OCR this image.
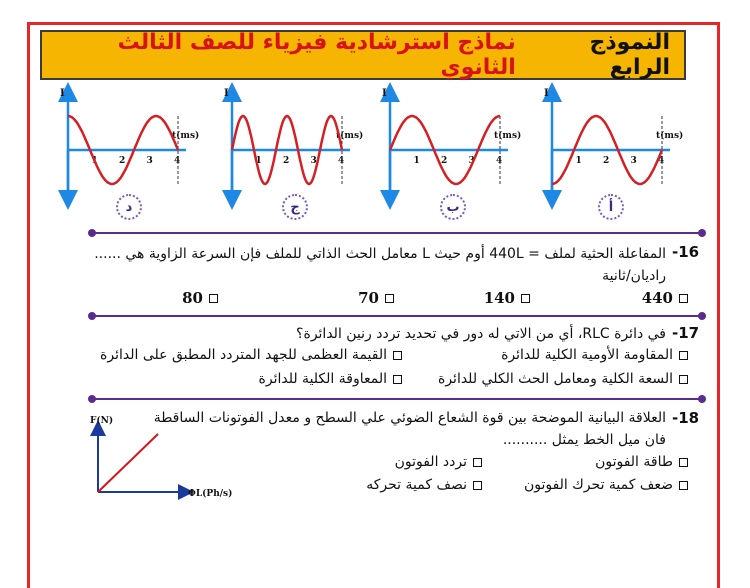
النموذج الرابع
نماذج استرشادية فيزياء للصف الثالث الثانوي
I
t(ms)
1 2 3 4
I
t(ms)
1 2 3 4
I
t(ms)
1 2 3 4
I
t(ms)
1 2 3 4
د	ج	ب	أ
-16
المفاعلة الحثية لملف = 440L أوم حيث L معامل الحث الذاتي للملف فإن السرعة الزاوية هي ......
راديان/ثانية
440
140
70
80
-17
في دائرة RLC، أي من الاتي له دور في تحديد تردد رنين الدائرة؟
المقاومة الأومية الكلية للدائرة
القيمة العظمى للجهد المتردد المطبق على الدائرة
السعة الكلية ومعامل الحث الكلي للدائرة
المعاوقة الكلية للدائرة
-18
العلاقة البيانية الموضحة بين قوة الشعاع الضوئي علي السطح و معدل الفوتونات الساقطة
فان ميل الخط يمثل ..........
F(N)
ΦL(Ph/s)
طاقة الفوتون
تردد الفوتون
ضعف كمية تحرك الفوتون
نصف كمية تحركه
